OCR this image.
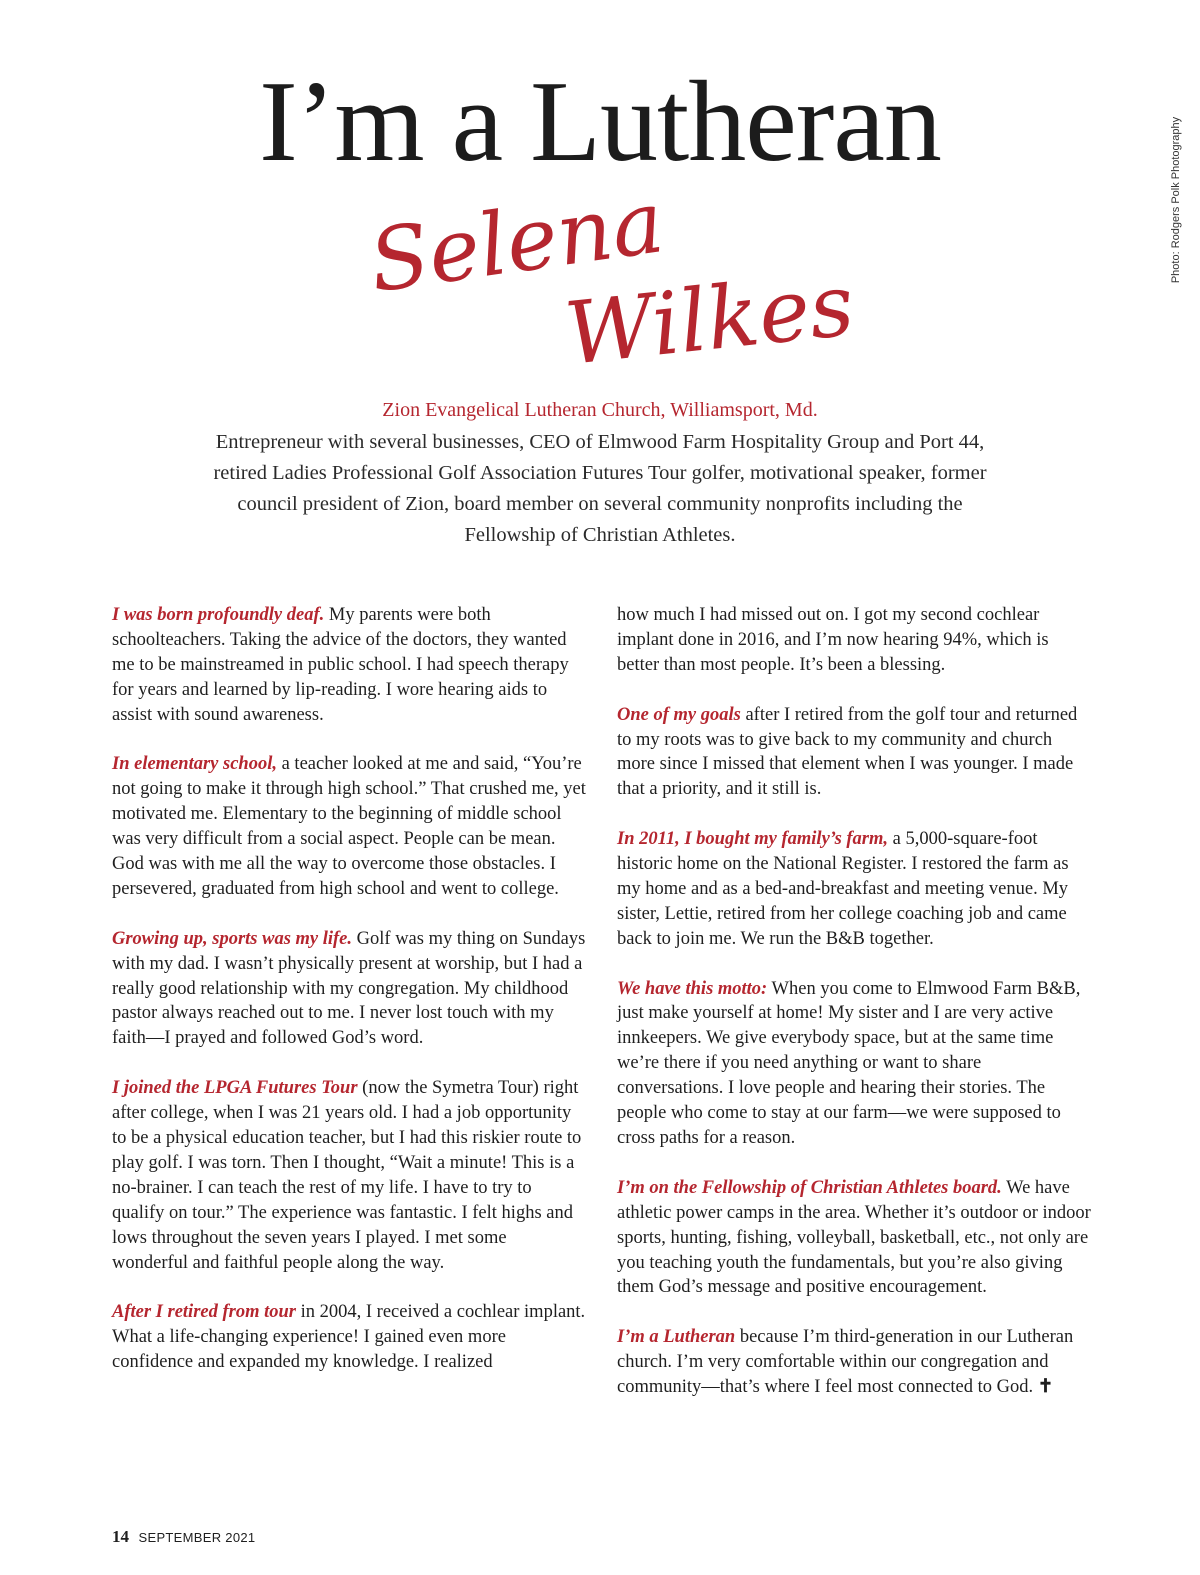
Photo: Rodgers Polk Photography
I’m a Lutheran
Selena
Wilkes
Zion Evangelical Lutheran Church, Williamsport, Md.

Entrepreneur with several businesses, CEO of Elmwood Farm Hospitality Group and Port 44, retired Ladies Professional Golf Association Futures Tour golfer, motivational speaker, former council president of Zion, board member on several community nonprofits including the Fellowship of Christian Athletes.

I was born profoundly deaf. My parents were both schoolteachers. Taking the advice of the doctors, they wanted me to be mainstreamed in public school. I had speech therapy for years and learned by lip-reading. I wore hearing aids to assist with sound awareness.

In elementary school, a teacher looked at me and said, “You’re not going to make it through high school.” That crushed me, yet motivated me. Elementary to the beginning of middle school was very difficult from a social aspect. People can be mean. God was with me all the way to overcome those obstacles. I persevered, graduated from high school and went to college.

Growing up, sports was my life. Golf was my thing on Sundays with my dad. I wasn’t physically present at worship, but I had a really good relationship with my congregation. My childhood pastor always reached out to me. I never lost touch with my faith—I prayed and followed God’s word.

I joined the LPGA Futures Tour (now the Symetra Tour) right after college, when I was 21 years old. I had a job opportunity to be a physical education teacher, but I had this riskier route to play golf. I was torn. Then I thought, “Wait a minute! This is a no-brainer. I can teach the rest of my life. I have to try to qualify on tour.” The experience was fantastic. I felt highs and lows throughout the seven years I played. I met some wonderful and faithful people along the way.

After I retired from tour in 2004, I received a cochlear implant. What a life-changing experience! I gained even more confidence and expanded my knowledge. I realized

how much I had missed out on. I got my second cochlear implant done in 2016, and I’m now hearing 94%, which is better than most people. It’s been a blessing.

One of my goals after I retired from the golf tour and returned to my roots was to give back to my community and church more since I missed that element when I was younger. I made that a priority, and it still is.

In 2011, I bought my family’s farm, a 5,000-square-foot historic home on the National Register. I restored the farm as my home and as a bed-and-breakfast and meeting venue. My sister, Lettie, retired from her college coaching job and came back to join me. We run the B&B together.

We have this motto: When you come to Elmwood Farm B&B, just make yourself at home! My sister and I are very active innkeepers. We give everybody space, but at the same time we’re there if you need anything or want to share conversations. I love people and hearing their stories. The people who come to stay at our farm—we were supposed to cross paths for a reason.

I’m on the Fellowship of Christian Athletes board. We have athletic power camps in the area. Whether it’s outdoor or indoor sports, hunting, fishing, volleyball, basketball, etc., not only are you teaching youth the fundamentals, but you’re also giving them God’s message and positive encouragement.

I’m a Lutheran because I’m third-generation in our Lutheran church. I’m very comfortable within our congregation and community—that’s where I feel most connected to God. ✝

14 SEPTEMBER 2021
